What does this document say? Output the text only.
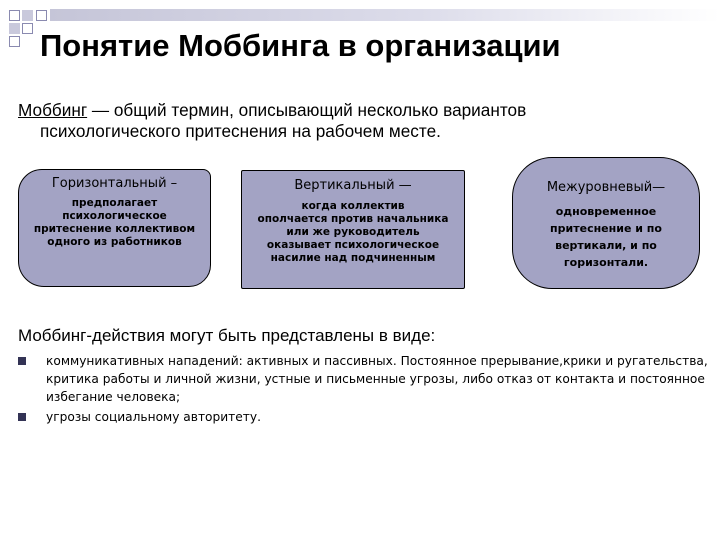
Понятие Моббинга в организации

Моббинг — общий термин, описывающий несколько вариантов
психологического притеснения на рабочем месте.

Горизонтальный –
предполагает
психологическое
притеснение коллективом
одного из работников
Вертикальный —
когда коллектив
ополчается против начальника
или же руководитель
оказывает психологическое
насилие над подчиненным
Межуровневый—
одновременное
притеснение и по
вертикали, и по
горизонтали.

Моббинг-действия могут быть представлены в виде:

коммуникативных нападений: активных и пассивных. Постоянное прерывание,крики и ругательства, критика работы и личной жизни, устные и письменные угрозы, либо отказ от контакта и постоянное избегание человека;
угрозы социальному авторитету.
